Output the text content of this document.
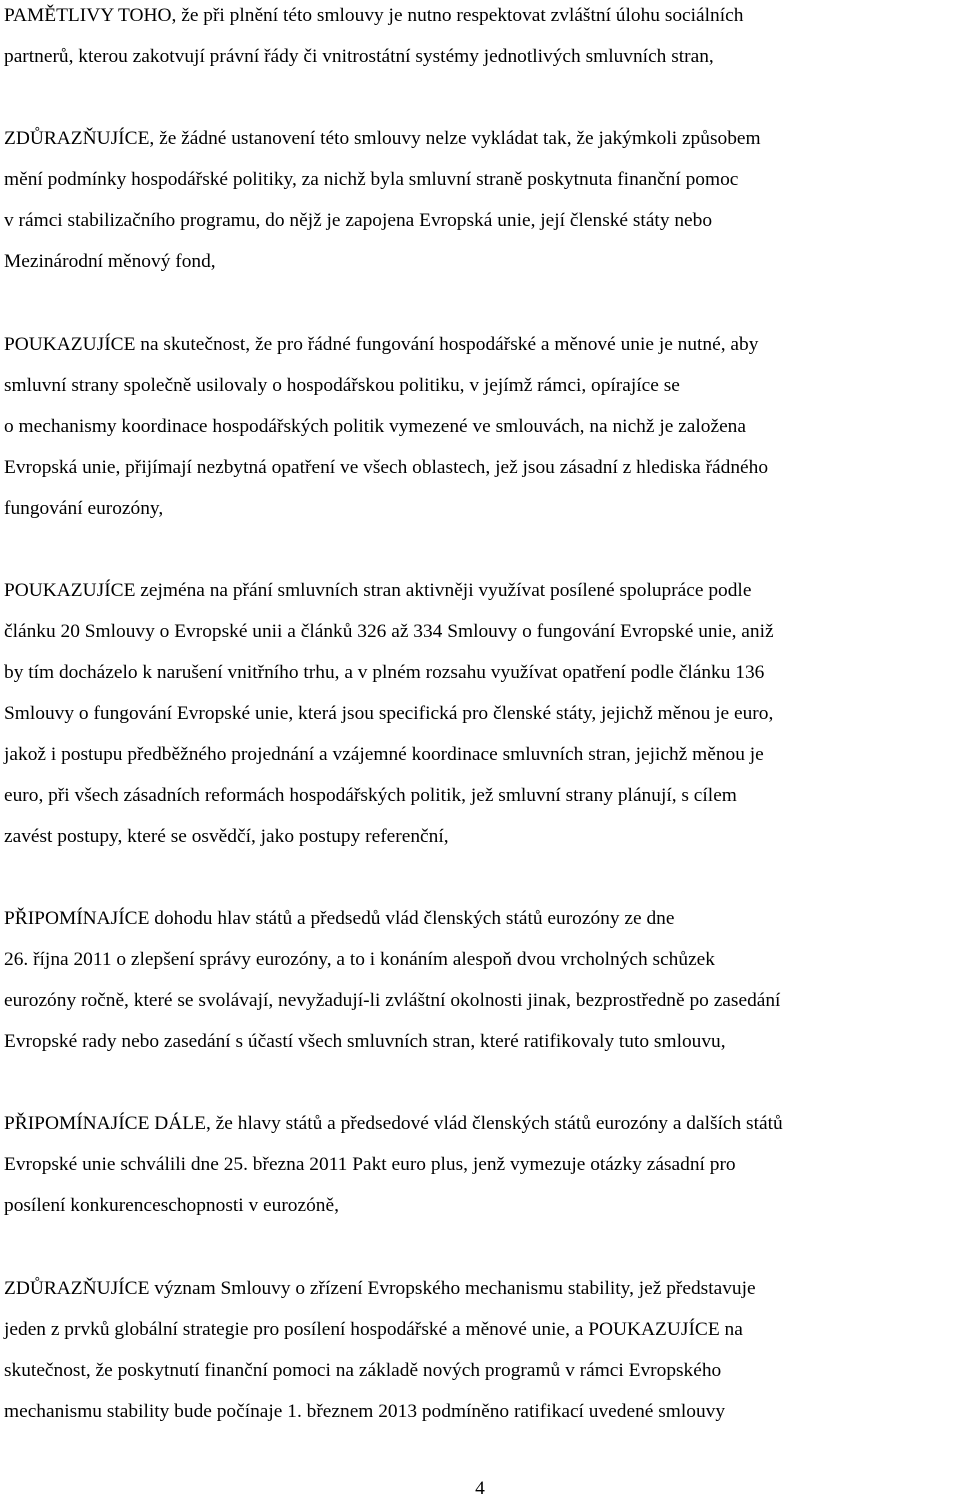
PAMĚTLIVY TOHO, že při plnění této smlouvy je nutno respektovat zvláštní úlohu sociálních
partnerů, kterou zakotvují právní řády či vnitrostátní systémy jednotlivých smluvních stran,
ZDŮRAZŇUJÍCE, že žádné ustanovení této smlouvy nelze vykládat tak, že jakýmkoli způsobem
mění podmínky hospodářské politiky, za nichž byla smluvní straně poskytnuta finanční pomoc
v rámci stabilizačního programu, do nějž je zapojena Evropská unie, její členské státy nebo
Mezinárodní měnový fond,
POUKAZUJÍCE na skutečnost, že pro řádné fungování hospodářské a měnové unie je nutné, aby
smluvní strany společně usilovaly o hospodářskou politiku, v jejímž rámci, opírajíce se
o mechanismy koordinace hospodářských politik vymezené ve smlouvách, na nichž je založena
Evropská unie, přijímají nezbytná opatření ve všech oblastech, jež jsou zásadní z hlediska řádného
fungování eurozóny,
POUKAZUJÍCE zejména na přání smluvních stran aktivněji využívat posílené spolupráce podle
článku 20 Smlouvy o Evropské unii a článků 326 až 334 Smlouvy o fungování Evropské unie, aniž
by tím docházelo k narušení vnitřního trhu, a v plném rozsahu využívat opatření podle článku 136
Smlouvy o fungování Evropské unie, která jsou specifická pro členské státy, jejichž měnou je euro,
jakož i postupu předběžného projednání a vzájemné koordinace smluvních stran, jejichž měnou je
euro, při všech zásadních reformách hospodářských politik, jež smluvní strany plánují, s cílem
zavést postupy, které se osvědčí, jako postupy referenční,
PŘIPOMÍNAJÍCE dohodu hlav států a předsedů vlád členských států eurozóny ze dne
26. října 2011 o zlepšení správy eurozóny, a to i konáním alespoň dvou vrcholných schůzek
eurozóny ročně, které se svolávají, nevyžadují-li zvláštní okolnosti jinak, bezprostředně po zasedání
Evropské rady nebo zasedání s účastí všech smluvních stran, které ratifikovaly tuto smlouvu,
PŘIPOMÍNAJÍCE DÁLE, že hlavy států a předsedové vlád členských států eurozóny a dalších států
Evropské unie schválili dne 25. března 2011 Pakt euro plus, jenž vymezuje otázky zásadní pro
posílení konkurenceschopnosti v eurozóně,
ZDŮRAZŇUJÍCE význam Smlouvy o zřízení Evropského mechanismu stability, jež představuje
jeden z prvků globální strategie pro posílení hospodářské a měnové unie, a POUKAZUJÍCE na
skutečnost, že poskytnutí finanční pomoci na základě nových programů v rámci Evropského
mechanismu stability bude počínaje 1. březnem 2013 podmíněno ratifikací uvedené smlouvy
4
